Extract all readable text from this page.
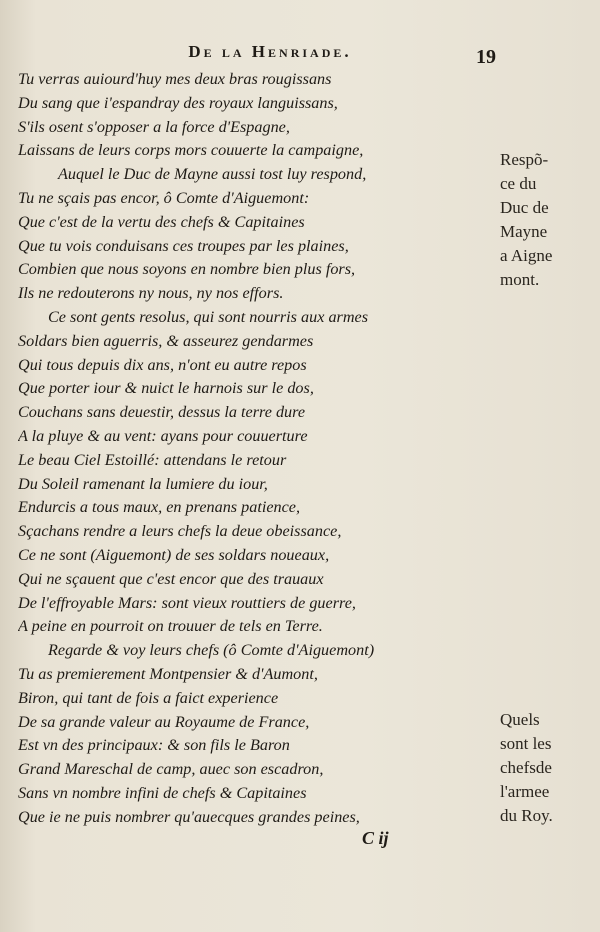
De la Henriade.	19
Tu verras auiourd'huy mes deux bras rougissans
Du sang que i'espandray des royaux languissans,
S'ils osent s'opposer a la force d'Espagne,
Laissans de leurs corps mors couuerte la campaigne,
Auquel le Duc de Mayne aussi tost luy respond,
Tu ne sçais pas encor, ô Comte d'Aiguemont:
Que c'est de la vertu des chefs & Capitaines
Que tu vois conduisans ces troupes par les plaines,
Combien que nous soyons en nombre bien plus fors,
Ils ne redouterons ny nous, ny nos effors.
Ce sont gents resolus, qui sont nourris aux armes
Soldars bien aguerris, & asseurez gendarmes
Qui tous depuis dix ans, n'ont eu autre repos
Que porter iour & nuict le harnois sur le dos,
Couchans sans deuestir, dessus la terre dure
A la pluye & au vent: ayans pour couuerture
Le beau Ciel Estoillé: attendans le retour
Du Soleil ramenant la lumiere du iour,
Endurcis a tous maux, en prenans patience,
Sçachans rendre a leurs chefs la deue obeissance,
Ce ne sont (Aiguemont) de ses soldars noueaux,
Qui ne sçauent que c'est encor que des trauaux
De l'effroyable Mars: sont vieux routtiers de guerre,
A peine en pourroit on trouuer de tels en Terre.
Regarde & voy leurs chefs (ô Comte d'Aiguemont)
Tu as premierement Montpensier & d'Aumont,
Biron, qui tant de fois a faict experience
De sa grande valeur au Royaume de France,
Est vn des principaux: & son fils le Baron
Grand Mareschal de camp, auec son escadron,
Sans vn nombre infini de chefs & Capitaines
Que ie ne puis nombrer qu'auecques grandes peines,
Respõ-
ce du
Duc de
Mayne
a Aigne
mont.
Quels
sont les
chefsde
l'armee
du Roy.
C ij
